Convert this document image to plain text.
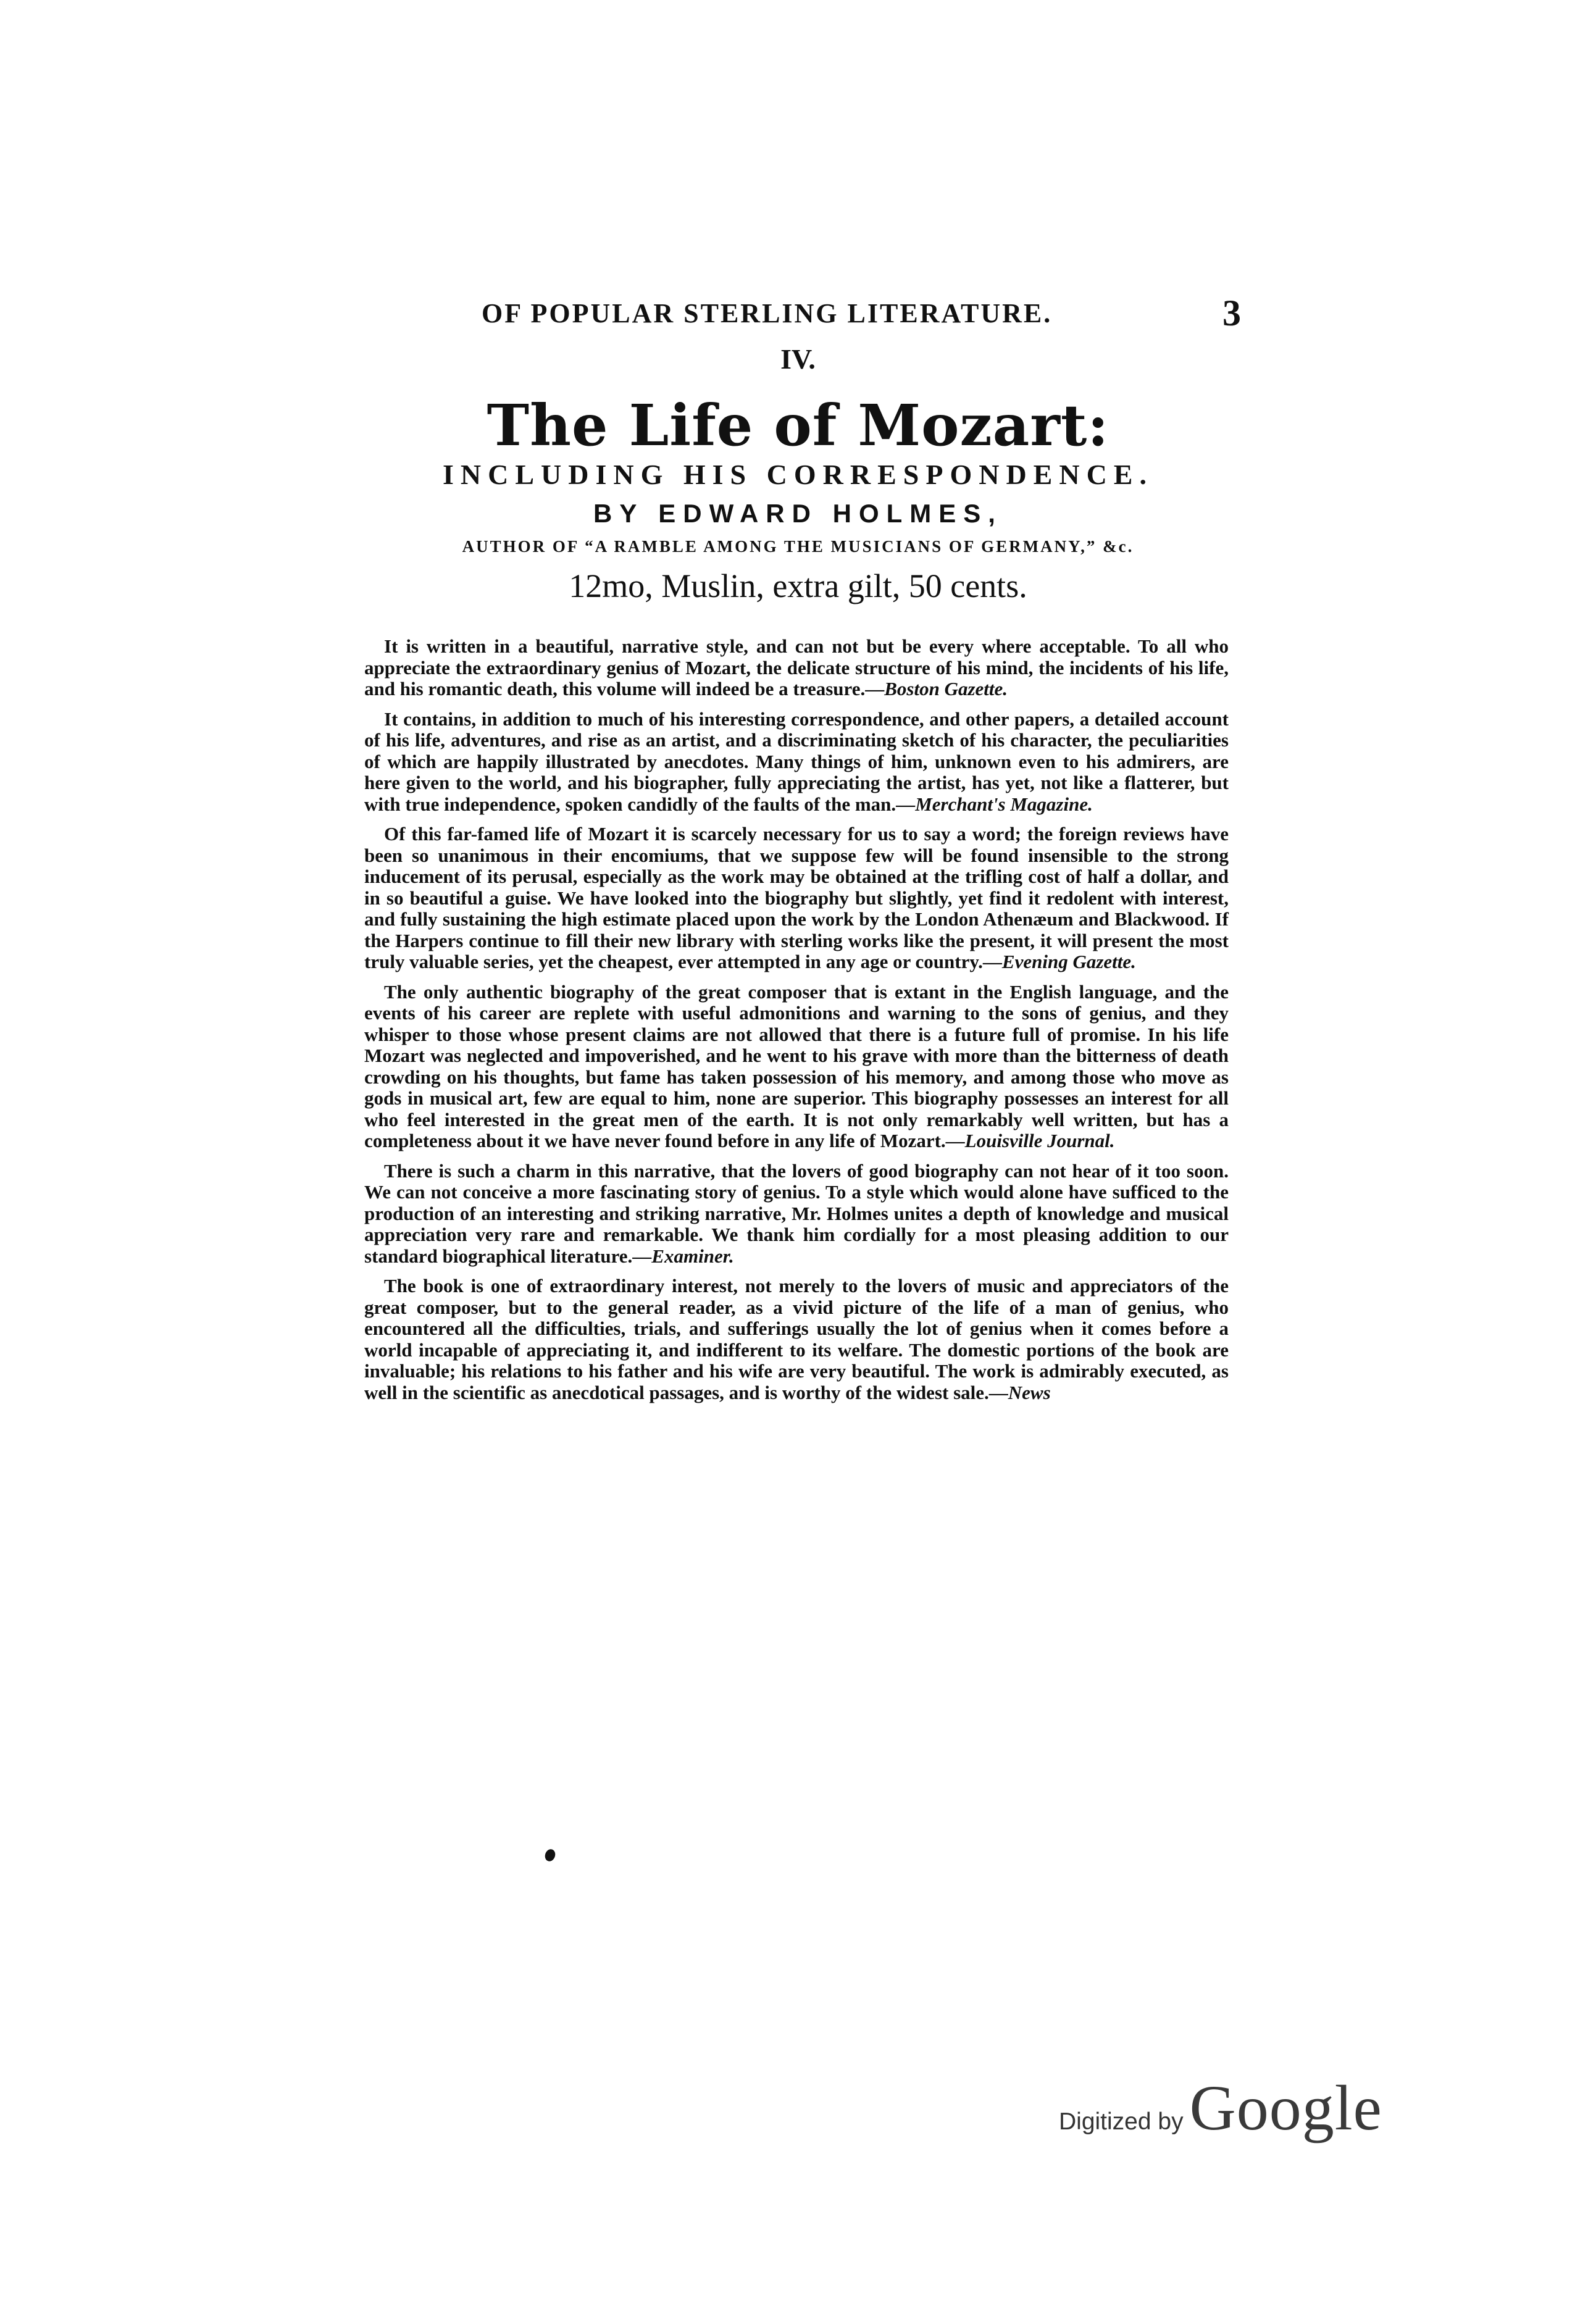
OF POPULAR STERLING LITERATURE.	3
IV.
The Life of Mozart:
INCLUDING HIS CORRESPONDENCE.
BY EDWARD HOLMES,
AUTHOR OF “A RAMBLE AMONG THE MUSICIANS OF GERMANY,” &c.
12mo, Muslin, extra gilt, 50 cents.

It is written in a beautiful, narrative style, and can not but be every where acceptable. To all who appreciate the extraordinary genius of Mozart, the delicate structure of his mind, the incidents of his life, and his romantic death, this volume will indeed be a treasure.—Boston Gazette.

It contains, in addition to much of his interesting correspondence, and other papers, a detailed account of his life, adventures, and rise as an artist, and a discriminating sketch of his character, the peculiarities of which are happily illustrated by anecdotes. Many things of him, unknown even to his admirers, are here given to the world, and his biographer, fully appreciating the artist, has yet, not like a flatterer, but with true independence, spoken candidly of the faults of the man.—Merchant's Magazine.

Of this far-famed life of Mozart it is scarcely necessary for us to say a word; the foreign reviews have been so unanimous in their encomiums, that we suppose few will be found insensible to the strong inducement of its perusal, especially as the work may be obtained at the trifling cost of half a dollar, and in so beautiful a guise. We have looked into the biography but slightly, yet find it redolent with interest, and fully sustaining the high estimate placed upon the work by the London Athenæum and Blackwood. If the Harpers continue to fill their new library with sterling works like the present, it will present the most truly valuable series, yet the cheapest, ever attempted in any age or country.—Evening Gazette.

The only authentic biography of the great composer that is extant in the English language, and the events of his career are replete with useful admonitions and warning to the sons of genius, and they whisper to those whose present claims are not allowed that there is a future full of promise. In his life Mozart was neglected and impoverished, and he went to his grave with more than the bitterness of death crowding on his thoughts, but fame has taken possession of his memory, and among those who move as gods in musical art, few are equal to him, none are superior. This biography possesses an interest for all who feel interested in the great men of the earth. It is not only remarkably well written, but has a completeness about it we have never found before in any life of Mozart.—Louisville Journal.

There is such a charm in this narrative, that the lovers of good biography can not hear of it too soon. We can not conceive a more fascinating story of genius. To a style which would alone have sufficed to the production of an interesting and striking narrative, Mr. Holmes unites a depth of knowledge and musical appreciation very rare and remarkable. We thank him cordially for a most pleasing addition to our standard biographical literature.—Examiner.

The book is one of extraordinary interest, not merely to the lovers of music and appreciators of the great composer, but to the general reader, as a vivid picture of the life of a man of genius, who encountered all the difficulties, trials, and sufferings usually the lot of genius when it comes before a world incapable of appreciating it, and indifferent to its welfare. The domestic portions of the book are invaluable; his relations to his father and his wife are very beautiful. The work is admirably executed, as well in the scientific as anecdotical passages, and is worthy of the widest sale.—News

Digitized by Google
